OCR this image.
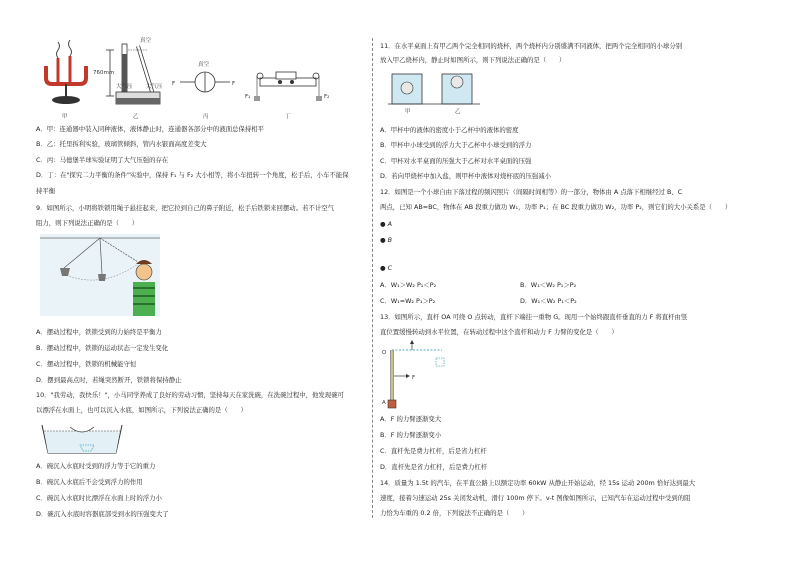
真空
760mm
大气压 大气压 F	F
真空
F₁	F₂
甲	乙	丙	丁
A．甲：连通器中装入同种液体，液体静止时，连通器各部分中的液面总保持相平
B．乙：托里拆利实验，玻璃管倾斜，管内水银面高度差变大
C．丙：马德堡半球实验证明了大气压强的存在
D．丁：在"探究二力平衡的条件"实验中，保持 F₁ 与 F₂ 大小相等，将小车扭转一个角度，松手后，小车不能保
持平衡
9．如图所示，小明将铁锁用绳子悬挂起来，把它拉到自己的鼻子附近，松手后铁锁来回摆动。若不计空气
阻力，则下列说法正确的是（　　）
A．摆动过程中，铁锁受到的力始终是平衡力
B．摆动过程中，铁锁的运动状态一定发生变化
C．摆动过程中，铁锁的机械能守恒
D．摆到最高点时，若绳突然断开，铁锁将保持静止
10．"我劳动，我快乐！"，小马同学养成了良好的劳动习惯，坚持每天在家洗碗，在洗碗过程中，他发现碗可
以漂浮在水面上，也可以沉入水底，如图所示，下列说法正确的是（　　）
A．碗沉入水底时受到的浮力等于它的重力
B．碗沉入水底后不会受到浮力的作用
C．碗沉入水底时比漂浮在水面上时的浮力小
D．碗沉入水底时容器底部受到水的压强变大了
11．在水平桌面上有甲乙两个完全相同的烧杯，两个烧杯内分别盛满不同液体，把两个完全相同的小球分别
放入甲乙烧杯内，静止时如图所示，则下列说法正确的是（　　）
甲	乙
A．甲杯中的液体的密度小于乙杯中的液体的密度
B．甲杯中小球受到的浮力大于乙杯中小球受到的浮力
C．甲杯对水平桌面的压强大于乙杯对水平桌面的压强
D．若向甲烧杯中加入盐，则甲杯中液体对烧杯底的压强减小
12．如图是一个小球自由下落过程的频闪照片（间隔时间相等）的一部分，物体由 A 点落下相继经过 B、C
两点，已知 AB=BC，物体在 AB 段重力做功 W₁，功率 P₁；在 BC 段重力做功 W₂，功率 P₂，则它们的大小关系是（　　）
● A
● B
● C
A．W₁＞W₂ P₁＜P₂	B．W₁＜W₂ P₁＞P₂
C．W₁=W₂ P₁＞P₂	D．W₁＜W₂ P₁＜P₂
13．如图所示，直杆 OA 可绕 O 点转动，直杆下端挂一重物 G。现用一个始终跟直杆垂直的力 F 将直杆由竖
直位置缓慢转动到水平位置，在转动过程中这个直杆和动力 F 力臂的变化是（　　）
O
A
F
A．F 的力臂逐渐变大
B．F 的力臂逐渐变小
C．直杆先是费力杠杆，后是省力杠杆
D．直杆先是省力杠杆，后是费力杠杆
14．质量为 1.5t 的汽车，在平直公路上以额定功率 60kW 从静止开始运动，经 15s 运动 200m 恰好达到最大
速度，接着匀速运动 25s 关闭发动机，滑行 100m 停下。v-t 图像如图所示，已知汽车在运动过程中受到的阻
力恰为车重的 0.2 倍，下列说法不正确的是（　　）
